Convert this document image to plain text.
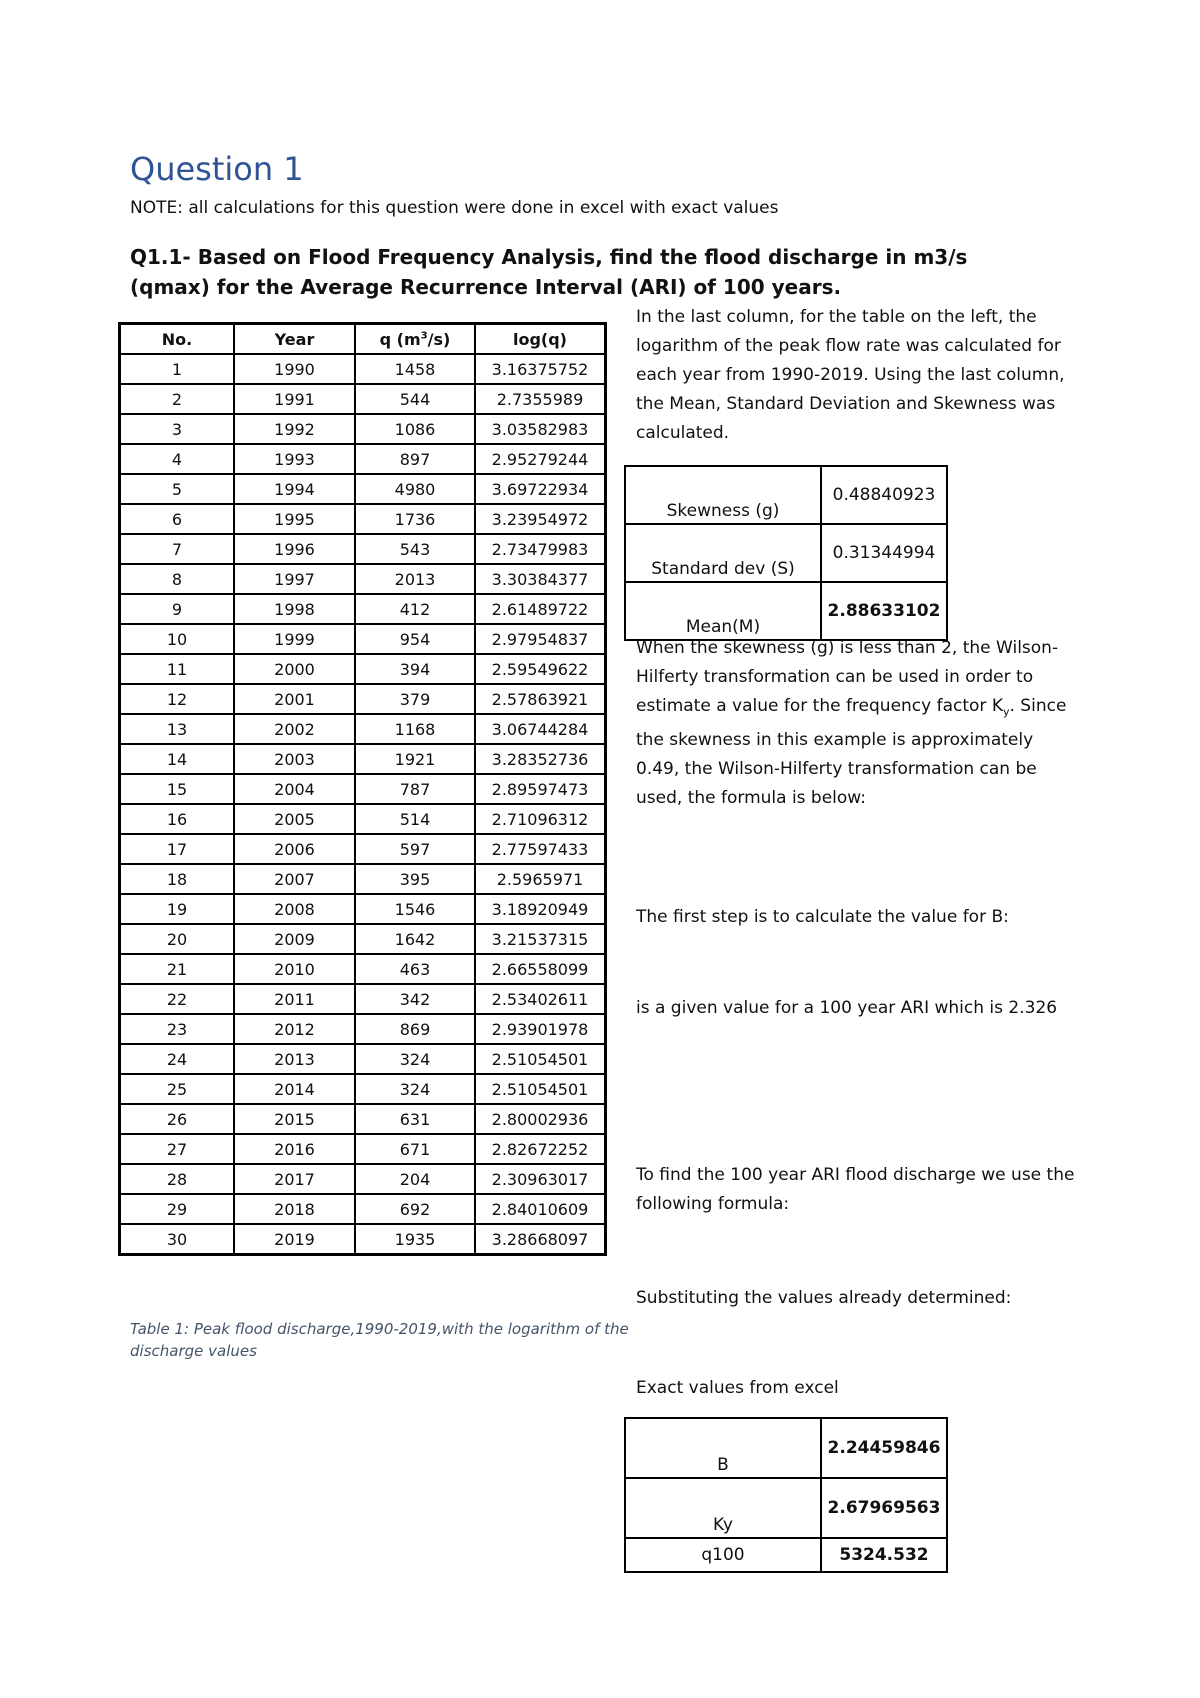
Question 1
NOTE: all calculations for this question were done in excel with exact values
Q1.1- Based on Flood Frequency Analysis, find the flood discharge in m3/s (qmax) for the Average Recurrence Interval (ARI) of 100 years.
No.	Year	q $(m^3/s)$	log(q)
1	1990	1458	3.16375752
2	1991	544	2.7355989
3	1992	1086	3.03582983
4	1993	897	2.95279244
5	1994	4980	3.69722934
6	1995	1736	3.23954972
7	1996	543	2.73479983
8	1997	2013	3.30384377
9	1998	412	2.61489722
10	1999	954	2.97954837
11	2000	394	2.59549622
12	2001	379	2.57863921
13	2002	1168	3.06744284
14	2003	1921	3.28352736
15	2004	787	2.89597473
16	2005	514	2.71096312
17	2006	597	2.77597433
18	2007	395	2.5965971
19	2008	1546	3.18920949
20	2009	1642	3.21537315
21	2010	463	2.66558099
22	2011	342	2.53402611
23	2012	869	2.93901978
24	2013	324	2.51054501
25	2014	324	2.51054501
26	2015	631	2.80002936
27	2016	671	2.82672252
28	2017	204	2.30963017
29	2018	692	2.84010609
30	2019	1935	3.28668097
Table 1: Peak flood discharge,1990-2019,with the logarithm of the discharge values
In the last column, for the table on the left, the logarithm of the peak flow rate was calculated for each year from 1990-2019. Using the last column, the Mean, Standard Deviation and Skewness was calculated.
Skewness (g)	0.48840923
Standard dev (S)	0.31344994
Mean(M)	2.88633102
When the skewness (g) is less than 2, the Wilson-Hilferty transformation can be used in order to estimate a value for the frequency factor $K_y$. Since the skewness in this example is approximately 0.49, the Wilson-Hilferty transformation can be used, the formula is below:
The first step is to calculate the value for B:
is a given value for a 100 year ARI which is 2.326
To find the 100 year ARI flood discharge we use the following formula:
Substituting the values already determined:
Exact values from excel
B	2.24459846
Ky	2.67969563
q100	5324.532
